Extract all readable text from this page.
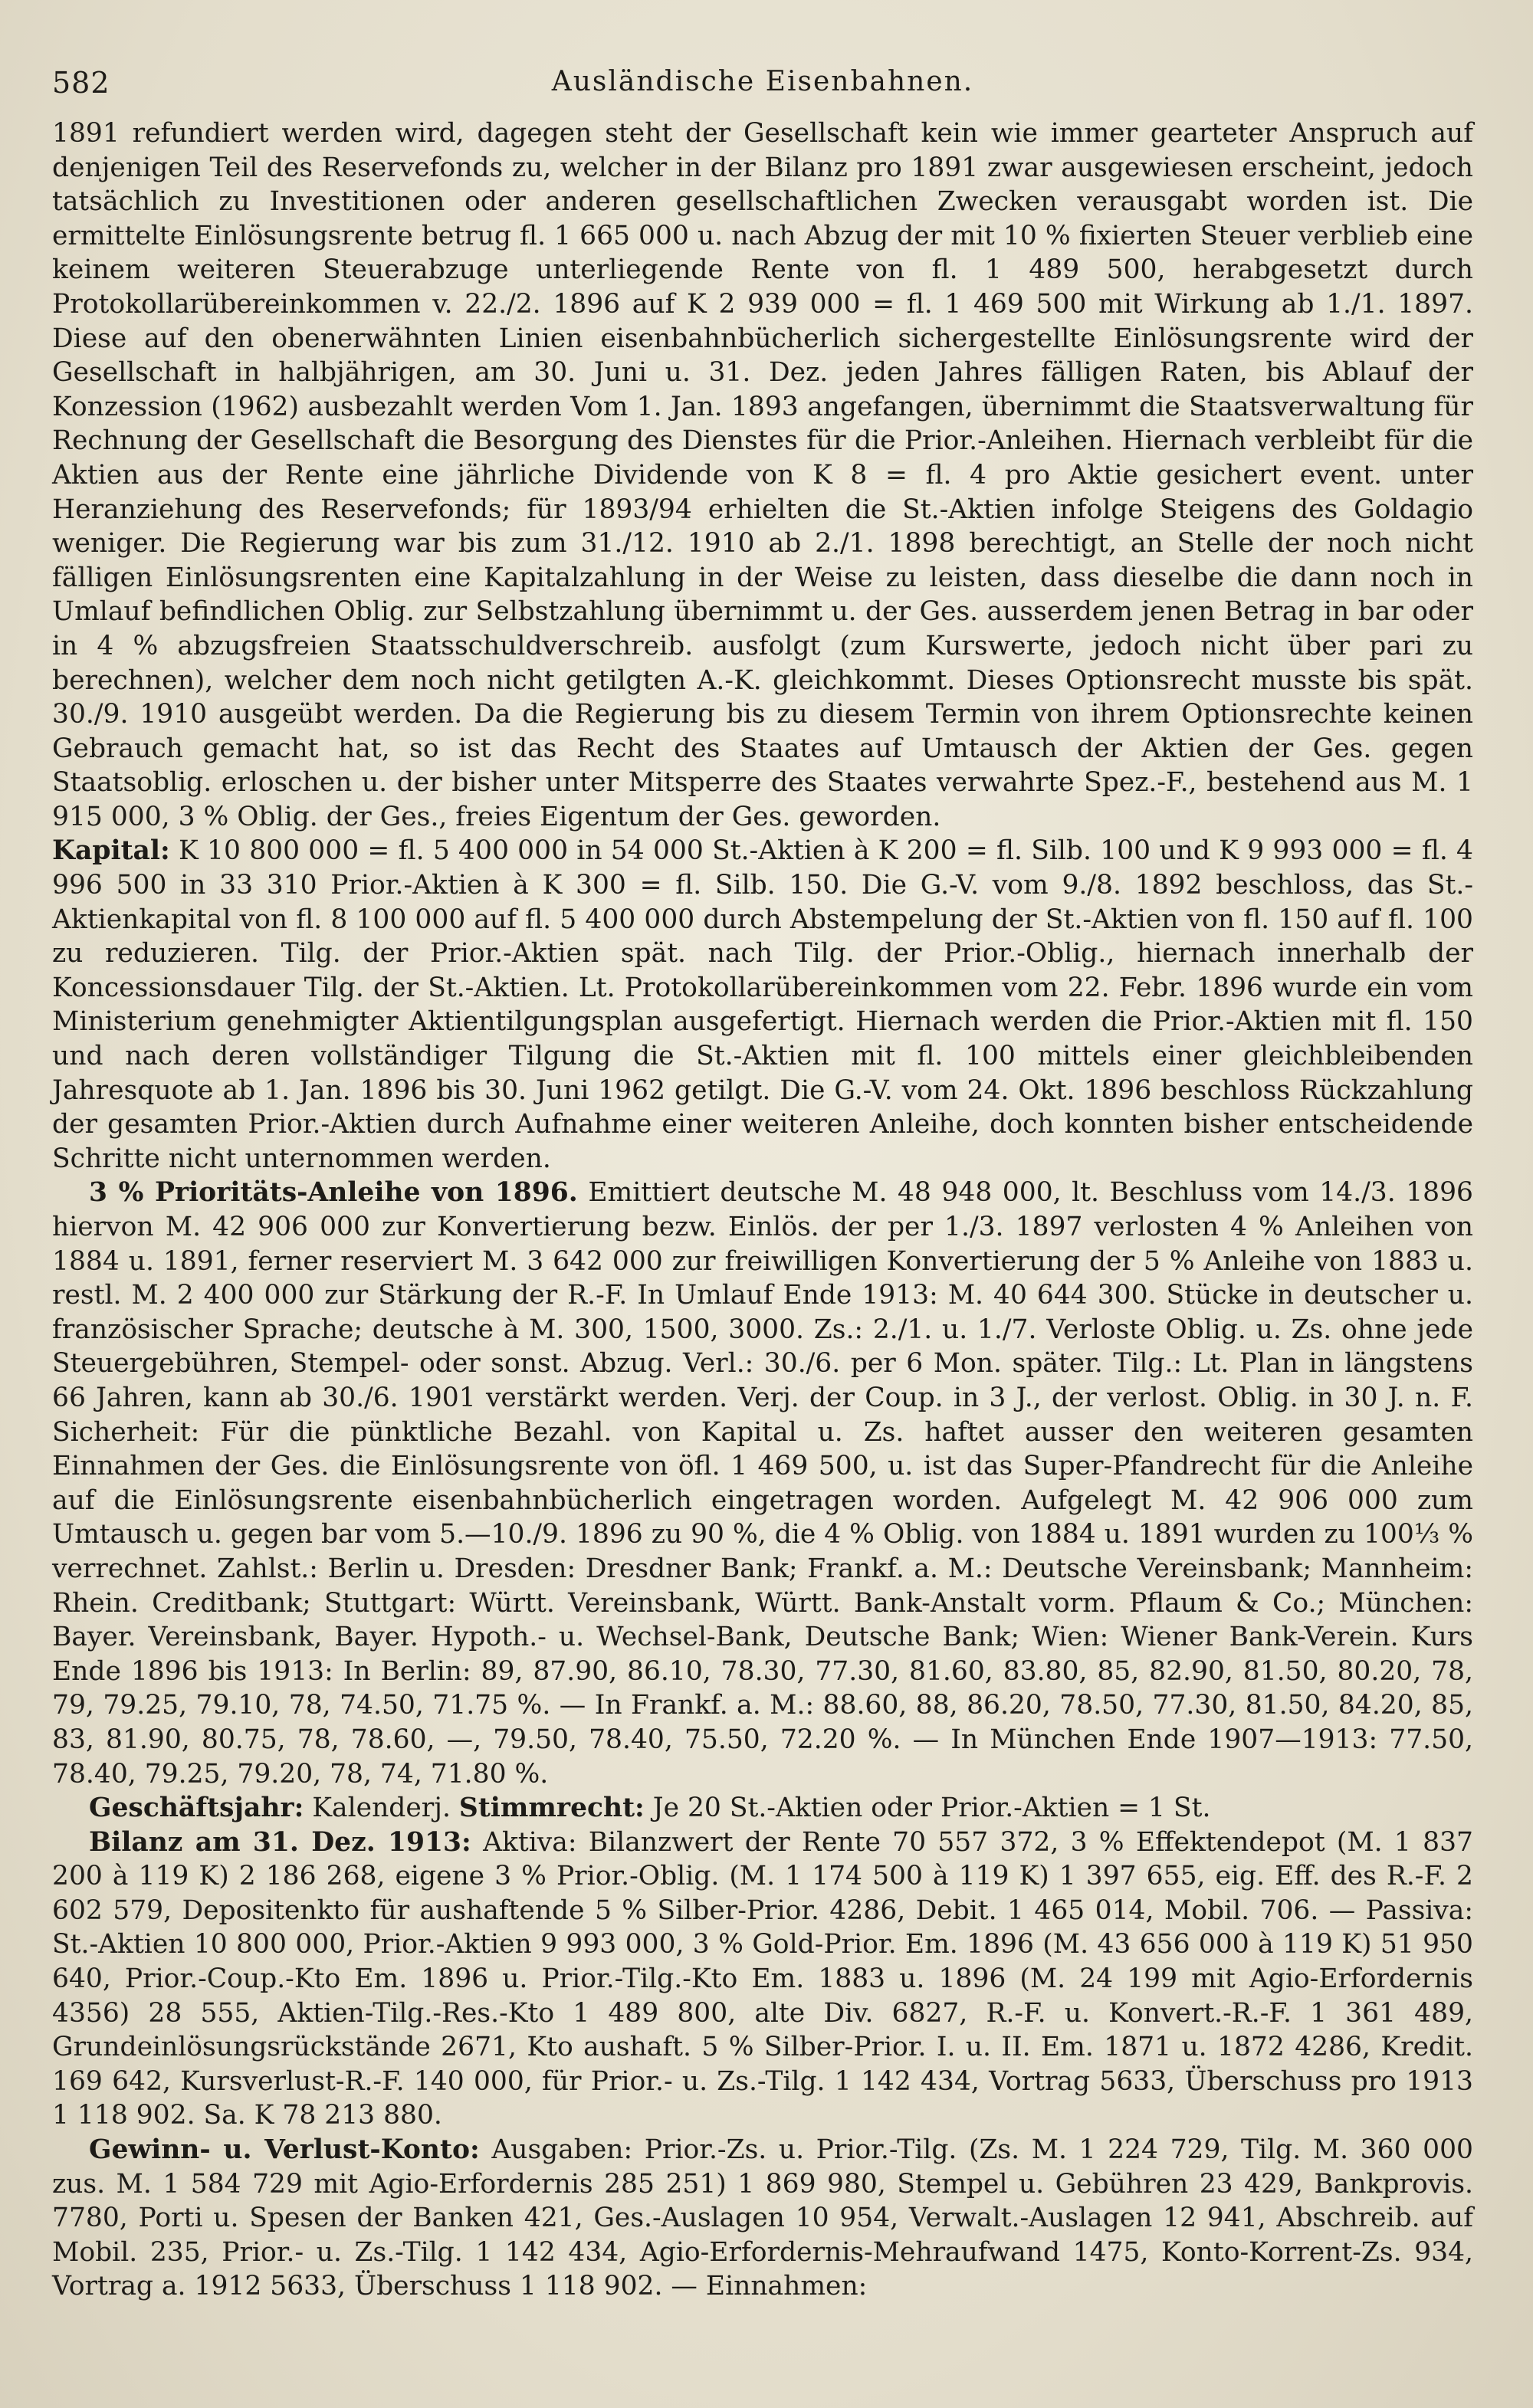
582	Ausländische Eisenbahnen.

1891 refundiert werden wird, dagegen steht der Gesellschaft kein wie immer gearteter Anspruch auf denjenigen Teil des Reservefonds zu, welcher in der Bilanz pro 1891 zwar ausgewiesen erscheint, jedoch tatsächlich zu Investitionen oder anderen gesellschaftlichen Zwecken verausgabt worden ist. Die ermittelte Einlösungsrente betrug fl. 1 665 000 u. nach Abzug der mit 10 % fixierten Steuer verblieb eine keinem weiteren Steuerabzuge unterliegende Rente von fl. 1 489 500, herabgesetzt durch Protokollarübereinkommen v. 22./2. 1896 auf K 2 939 000 = fl. 1 469 500 mit Wirkung ab 1./1. 1897. Diese auf den obenerwähnten Linien eisenbahnbücherlich sichergestellte Einlösungsrente wird der Gesellschaft in halbjährigen, am 30. Juni u. 31. Dez. jeden Jahres fälligen Raten, bis Ablauf der Konzession (1962) ausbezahlt werden Vom 1. Jan. 1893 angefangen, übernimmt die Staatsverwaltung für Rechnung der Gesellschaft die Besorgung des Dienstes für die Prior.-Anleihen. Hiernach verbleibt für die Aktien aus der Rente eine jährliche Dividende von K 8 = fl. 4 pro Aktie gesichert event. unter Heranziehung des Reservefonds; für 1893/94 erhielten die St.-Aktien infolge Steigens des Goldagio weniger. Die Regierung war bis zum 31./12. 1910 ab 2./1. 1898 berechtigt, an Stelle der noch nicht fälligen Einlösungsrenten eine Kapitalzahlung in der Weise zu leisten, dass dieselbe die dann noch in Umlauf befindlichen Oblig. zur Selbstzahlung übernimmt u. der Ges. ausserdem jenen Betrag in bar oder in 4 % abzugsfreien Staatsschuldverschreib. ausfolgt (zum Kurswerte, jedoch nicht über pari zu berechnen), welcher dem noch nicht getilgten A.-K. gleichkommt. Dieses Optionsrecht musste bis spät. 30./9. 1910 ausgeübt werden. Da die Regierung bis zu diesem Termin von ihrem Optionsrechte keinen Gebrauch gemacht hat, so ist das Recht des Staates auf Umtausch der Aktien der Ges. gegen Staatsoblig. erloschen u. der bisher unter Mitsperre des Staates verwahrte Spez.-F., bestehend aus M. 1 915 000, 3 % Oblig. der Ges., freies Eigentum der Ges. geworden.

Kapital: K 10 800 000 = fl. 5 400 000 in 54 000 St.-Aktien à K 200 = fl. Silb. 100 und K 9 993 000 = fl. 4 996 500 in 33 310 Prior.-Aktien à K 300 = fl. Silb. 150. Die G.-V. vom 9./8. 1892 beschloss, das St.-Aktienkapital von fl. 8 100 000 auf fl. 5 400 000 durch Abstempelung der St.-Aktien von fl. 150 auf fl. 100 zu reduzieren. Tilg. der Prior.-Aktien spät. nach Tilg. der Prior.-Oblig., hiernach innerhalb der Koncessionsdauer Tilg. der St.-Aktien. Lt. Protokollarübereinkommen vom 22. Febr. 1896 wurde ein vom Ministerium genehmigter Aktientilgungsplan ausgefertigt. Hiernach werden die Prior.-Aktien mit fl. 150 und nach deren vollständiger Tilgung die St.-Aktien mit fl. 100 mittels einer gleichbleibenden Jahresquote ab 1. Jan. 1896 bis 30. Juni 1962 getilgt. Die G.-V. vom 24. Okt. 1896 beschloss Rückzahlung der gesamten Prior.-Aktien durch Aufnahme einer weiteren Anleihe, doch konnten bisher entscheidende Schritte nicht unternommen werden.

3 % Prioritäts-Anleihe von 1896. Emittiert deutsche M. 48 948 000, lt. Beschluss vom 14./3. 1896 hiervon M. 42 906 000 zur Konvertierung bezw. Einlös. der per 1./3. 1897 verlosten 4 % Anleihen von 1884 u. 1891, ferner reserviert M. 3 642 000 zur freiwilligen Konvertierung der 5 % Anleihe von 1883 u. restl. M. 2 400 000 zur Stärkung der R.-F. In Umlauf Ende 1913: M. 40 644 300. Stücke in deutscher u. französischer Sprache; deutsche à M. 300, 1500, 3000. Zs.: 2./1. u. 1./7. Verloste Oblig. u. Zs. ohne jede Steuergebühren, Stempel- oder sonst. Abzug. Verl.: 30./6. per 6 Mon. später. Tilg.: Lt. Plan in längstens 66 Jahren, kann ab 30./6. 1901 verstärkt werden. Verj. der Coup. in 3 J., der verlost. Oblig. in 30 J. n. F. Sicherheit: Für die pünktliche Bezahl. von Kapital u. Zs. haftet ausser den weiteren gesamten Einnahmen der Ges. die Einlösungsrente von öfl. 1 469 500, u. ist das Super-Pfandrecht für die Anleihe auf die Einlösungsrente eisenbahnbücherlich eingetragen worden. Aufgelegt M. 42 906 000 zum Umtausch u. gegen bar vom 5.—10./9. 1896 zu 90 %, die 4 % Oblig. von 1884 u. 1891 wurden zu 100⅓ % verrechnet. Zahlst.: Berlin u. Dresden: Dresdner Bank; Frankf. a. M.: Deutsche Vereinsbank; Mannheim: Rhein. Creditbank; Stuttgart: Württ. Vereinsbank, Württ. Bank-Anstalt vorm. Pflaum & Co.; München: Bayer. Vereinsbank, Bayer. Hypoth.- u. Wechsel-Bank, Deutsche Bank; Wien: Wiener Bank-Verein. Kurs Ende 1896 bis 1913: In Berlin: 89, 87.90, 86.10, 78.30, 77.30, 81.60, 83.80, 85, 82.90, 81.50, 80.20, 78, 79, 79.25, 79.10, 78, 74.50, 71.75 %. — In Frankf. a. M.: 88.60, 88, 86.20, 78.50, 77.30, 81.50, 84.20, 85, 83, 81.90, 80.75, 78, 78.60, —, 79.50, 78.40, 75.50, 72.20 %. — In München Ende 1907—1913: 77.50, 78.40, 79.25, 79.20, 78, 74, 71.80 %.

Geschäftsjahr: Kalenderj. Stimmrecht: Je 20 St.-Aktien oder Prior.-Aktien = 1 St.

Bilanz am 31. Dez. 1913: Aktiva: Bilanzwert der Rente 70 557 372, 3 % Effektendepot (M. 1 837 200 à 119 K) 2 186 268, eigene 3 % Prior.-Oblig. (M. 1 174 500 à 119 K) 1 397 655, eig. Eff. des R.-F. 2 602 579, Depositenkto für aushaftende 5 % Silber-Prior. 4286, Debit. 1 465 014, Mobil. 706. — Passiva: St.-Aktien 10 800 000, Prior.-Aktien 9 993 000, 3 % Gold-Prior. Em. 1896 (M. 43 656 000 à 119 K) 51 950 640, Prior.-Coup.-Kto Em. 1896 u. Prior.-Tilg.-Kto Em. 1883 u. 1896 (M. 24 199 mit Agio-Erfordernis 4356) 28 555, Aktien-Tilg.-Res.-Kto 1 489 800, alte Div. 6827, R.-F. u. Konvert.-R.-F. 1 361 489, Grundeinlösungsrückstände 2671, Kto aushaft. 5 % Silber-Prior. I. u. II. Em. 1871 u. 1872 4286, Kredit. 169 642, Kursverlust-R.-F. 140 000, für Prior.- u. Zs.-Tilg. 1 142 434, Vortrag 5633, Überschuss pro 1913 1 118 902. Sa. K 78 213 880.

Gewinn- u. Verlust-Konto: Ausgaben: Prior.-Zs. u. Prior.-Tilg. (Zs. M. 1 224 729, Tilg. M. 360 000 zus. M. 1 584 729 mit Agio-Erfordernis 285 251) 1 869 980, Stempel u. Gebühren 23 429, Bankprovis. 7780, Porti u. Spesen der Banken 421, Ges.-Auslagen 10 954, Verwalt.-Auslagen 12 941, Abschreib. auf Mobil. 235, Prior.- u. Zs.-Tilg. 1 142 434, Agio-Erfordernis-Mehraufwand 1475, Konto-Korrent-Zs. 934, Vortrag a. 1912 5633, Überschuss 1 118 902. — Einnahmen:
